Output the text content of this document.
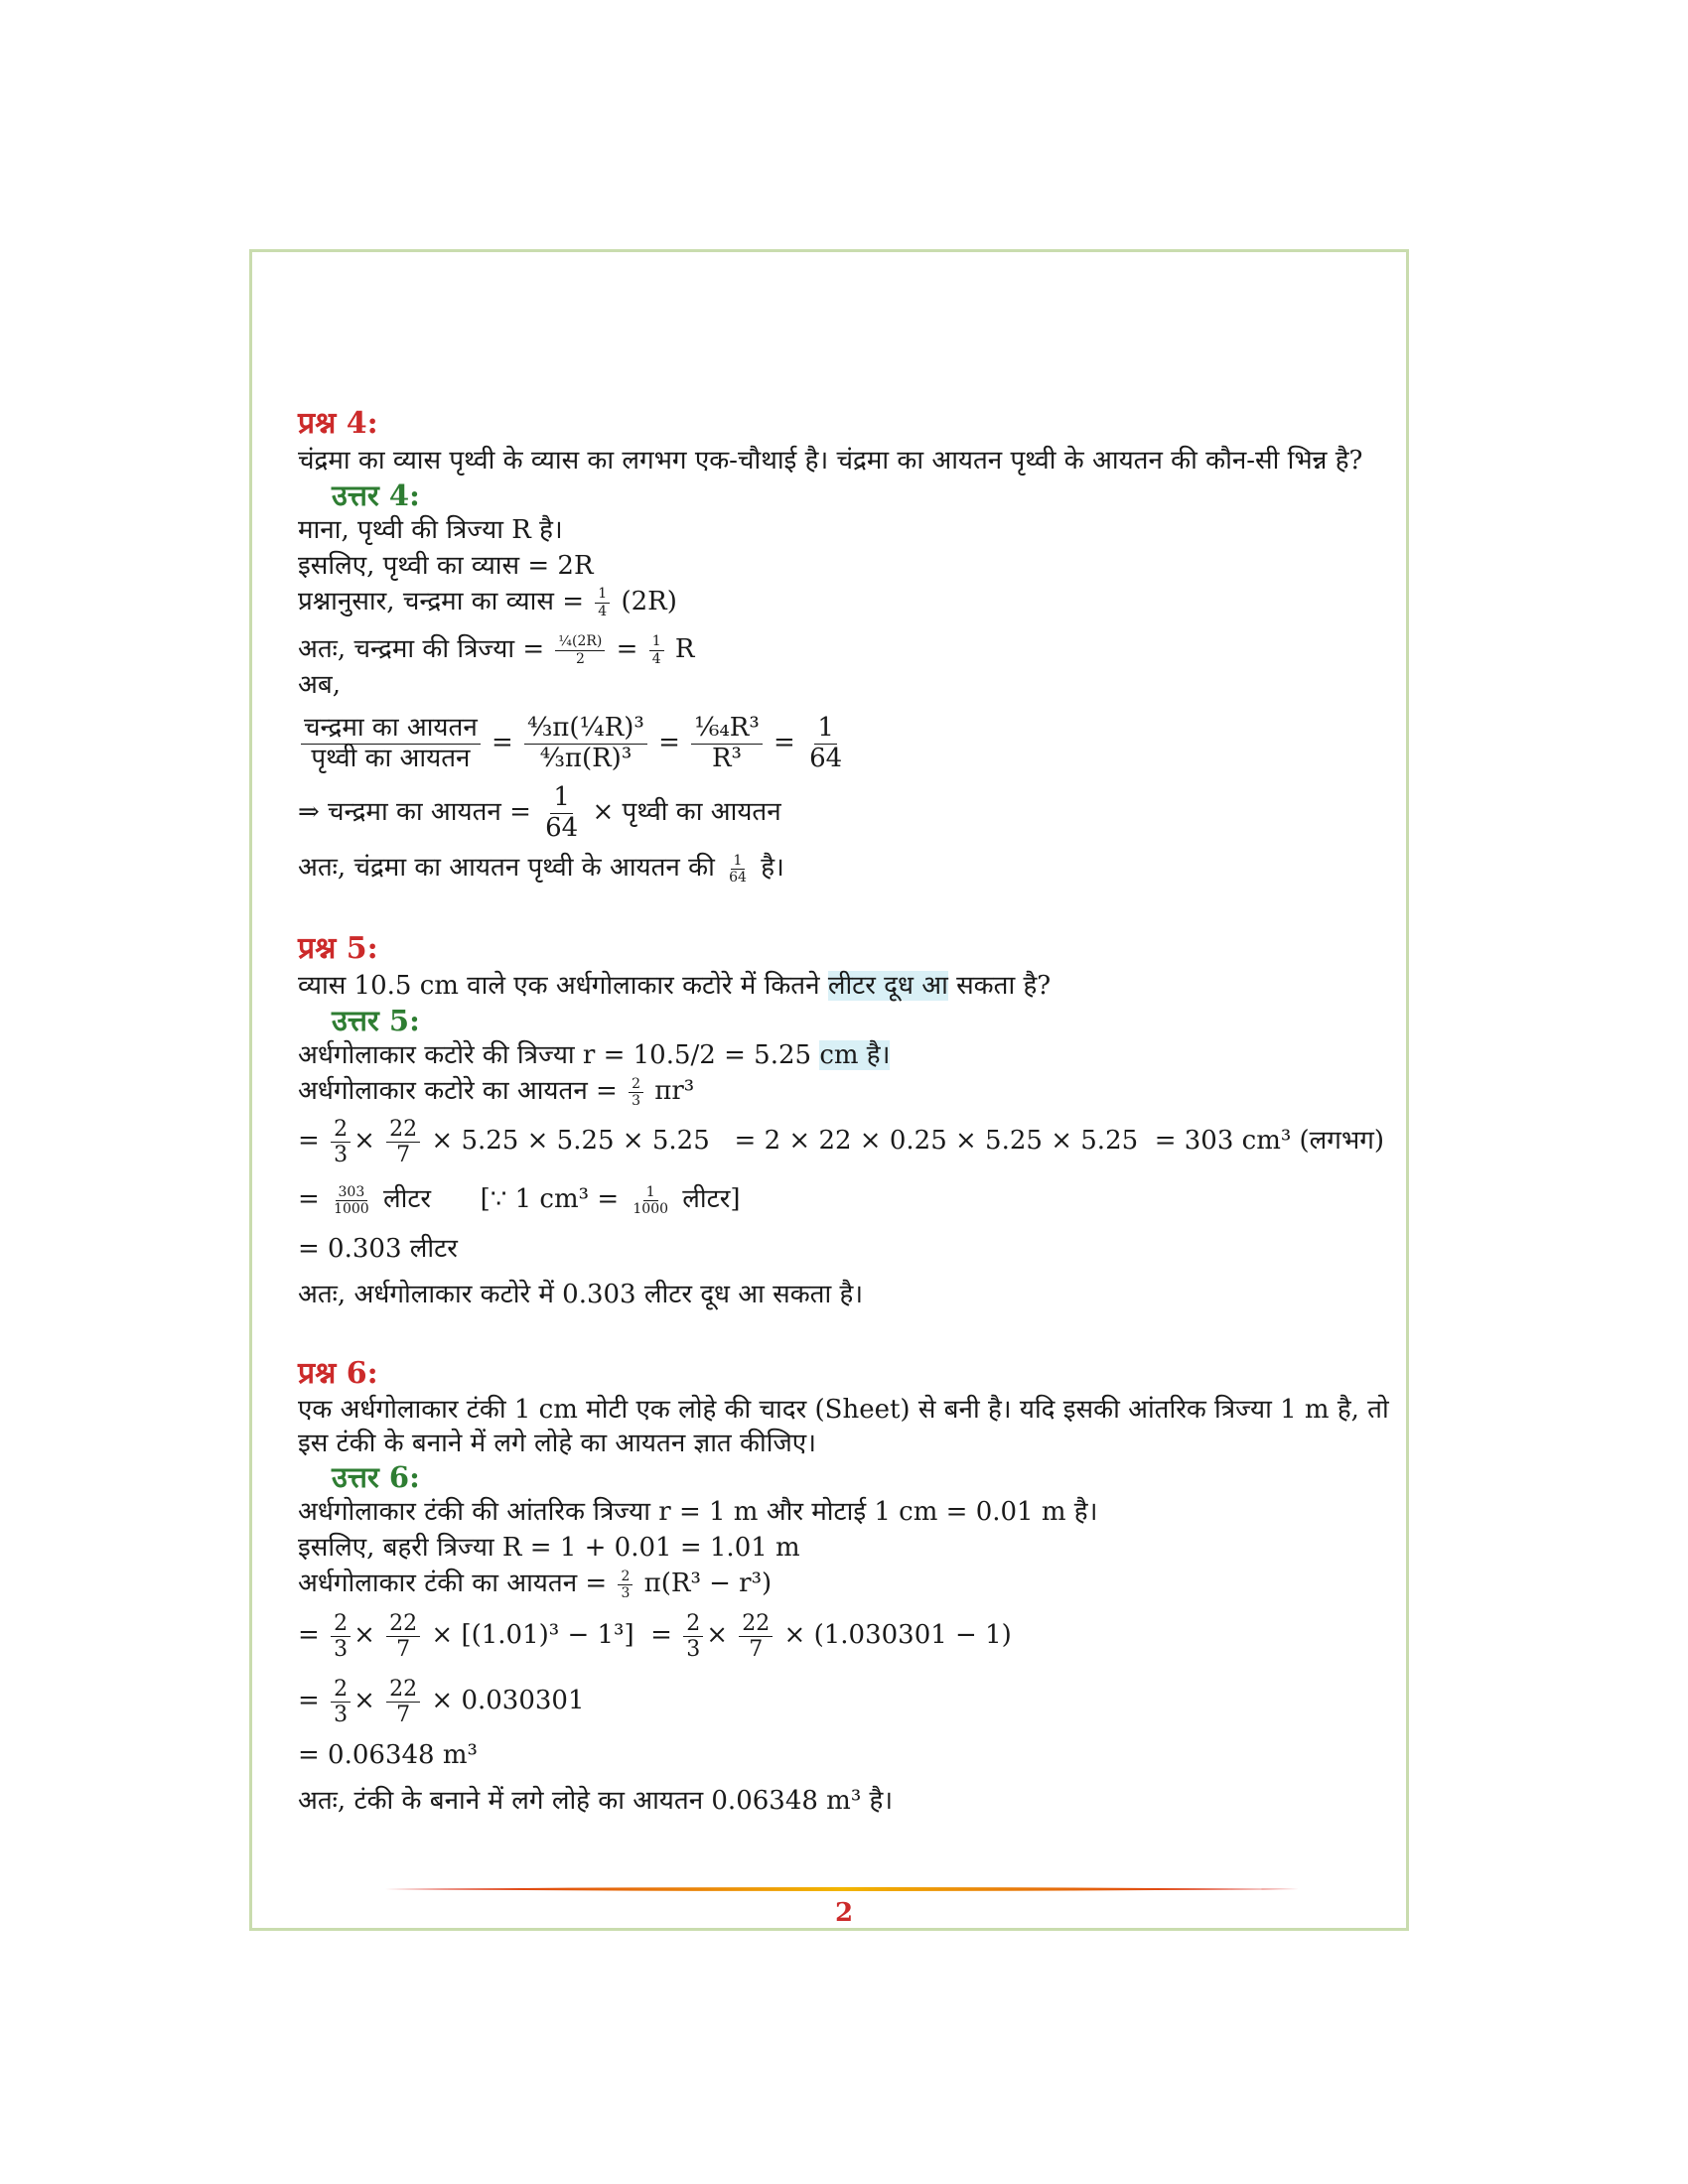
प्रश्न 4:
चंद्रमा का व्यास पृथ्वी के व्यास का लगभग एक-चौथाई है। चंद्रमा का आयतन पृथ्वी के आयतन की कौन-सी भिन्न है?
उत्तर 4:
माना, पृथ्वी की त्रिज्या R है।
इसलिए, पृथ्वी का व्यास = 2R
प्रश्नानुसार, चन्द्रमा का व्यास = $\frac{1}{4} (2R)$
अतः, चन्द्रमा की त्रिज्या = $\frac{\text{¼(2R)}}{2} = \frac{1}{4}$ R
अब,
$\frac{\text{चन्द्रमा का आयतन}}{\text{पृथ्वी का आयतन}} = \frac{\text{⁴⁄₃π(¼R)³}}{\text{⁴⁄₃π(R)³}} = \frac{\text{¹⁄₆₄R³}}{\text{R³}} = \frac{1}{64}$
⇒ चन्द्रमा का आयतन = $\frac{1}{64}$ × पृथ्वी का आयतन
अतः, चंद्रमा का आयतन पृथ्वी के आयतन की $\frac{1}{64}$ है।
प्रश्न 5:
व्यास 10.5 cm वाले एक अर्धगोलाकार कटोरे में कितने लीटर दूध आ सकता है?
उत्तर 5:
अर्धगोलाकार कटोरे की त्रिज्या r = 10.5/2 = 5.25 cm है।
अर्धगोलाकार कटोरे का आयतन = $\frac{2}{3} \pi r^3$
= $\frac{2}{3} \times \frac{22}{7} \times 5.25 \times 5.25 \times 5.25 = 2 \times 22 \times 0.25 \times 5.25 \times 5.25 = 303$ cm³ (लगभग)
= $\frac{303}{1000}$ लीटर [∵ 1 $cm^3 = \frac{1}{1000}$ लीटर]
= 0.303 लीटर
अतः, अर्धगोलाकार कटोरे में 0.303 लीटर दूध आ सकता है।
प्रश्न 6:
एक अर्धगोलाकार टंकी 1 cm मोटी एक लोहे की चादर (Sheet) से बनी है। यदि इसकी आंतरिक त्रिज्या 1 m है, तो इस टंकी के बनाने में लगे लोहे का आयतन ज्ञात कीजिए।
उत्तर 6:
अर्धगोलाकार टंकी की आंतरिक त्रिज्या r = 1 m और मोटाई 1 cm = 0.01 m है।
इसलिए, बहरी त्रिज्या R = 1 + 0.01 = 1.01 m
अर्धगोलाकार टंकी का आयतन = $\frac{2}{3} \pi(R^3 - r^3)$
= $\frac{2}{3} \times \frac{22}{7} \times [(1.01)^3 - 1^3] = \frac{2}{3} \times \frac{22}{7} \times (1.030301 - 1)$
= $\frac{2}{3} \times \frac{22}{7} \times 0.030301$
= 0.06348 m³
अतः, टंकी के बनाने में लगे लोहे का आयतन 0.06348 m³ है।
2
